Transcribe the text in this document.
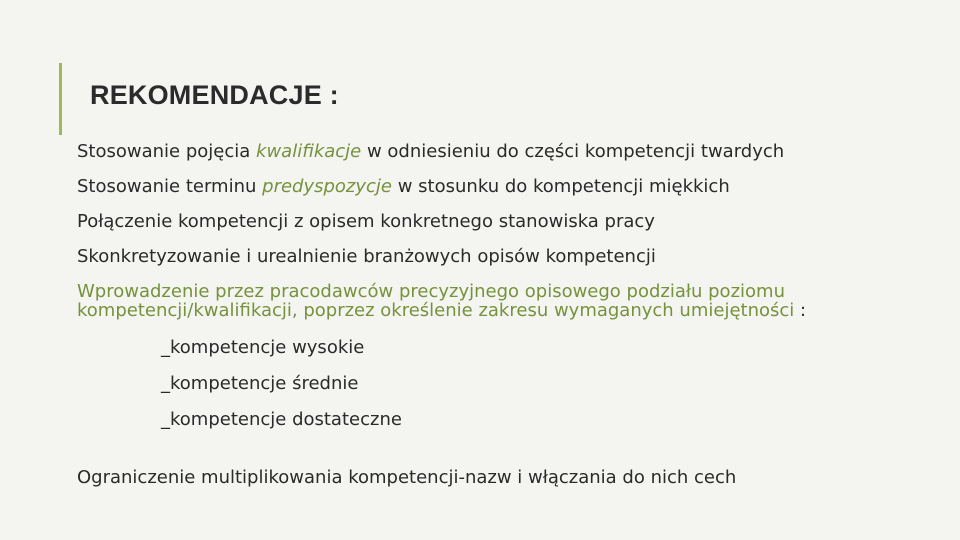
REKOMENDACJE :

Stosowanie pojęcia kwalifikacje w odniesieniu do części kompetencji twardych

Stosowanie terminu predyspozycje w stosunku do kompetencji miękkich

Połączenie kompetencji z opisem konkretnego stanowiska pracy

Skonkretyzowanie i urealnienie branżowych opisów kompetencji

Wprowadzenie przez pracodawców precyzyjnego opisowego podziału poziomu kompetencji/kwalifikacji, poprzez określenie zakresu wymaganych umiejętności :

_kompetencje wysokie

_kompetencje średnie

_kompetencje dostateczne

Ograniczenie multiplikowania kompetencji-nazw i włączania do nich cech
